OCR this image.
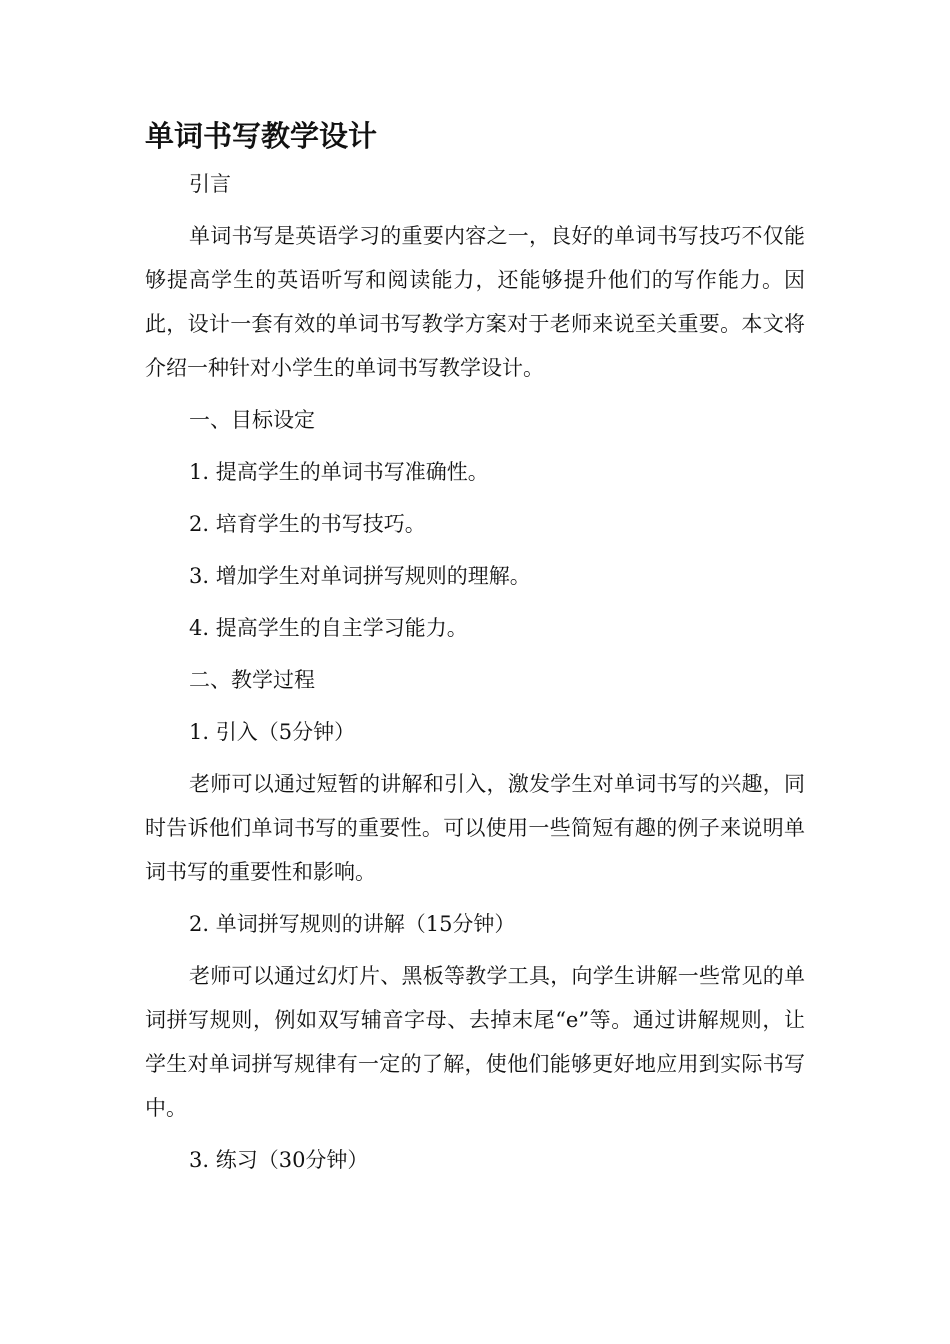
单词书写教学设计
引言
单词书写是英语学习的重要内容之一，良好的单词书写技巧不仅能够提高学生的英语听写和阅读能力，还能够提升他们的写作能力。因此，设计一套有效的单词书写教学方案对于老师来说至关重要。本文将介绍一种针对小学生的单词书写教学设计。
一、目标设定
1. 提高学生的单词书写准确性。
2. 培育学生的书写技巧。
3. 增加学生对单词拼写规则的理解。
4. 提高学生的自主学习能力。
二、教学过程
1. 引入（5分钟）
老师可以通过短暂的讲解和引入，激发学生对单词书写的兴趣，同时告诉他们单词书写的重要性。可以使用一些简短有趣的例子来说明单词书写的重要性和影响。
2. 单词拼写规则的讲解（15分钟）
老师可以通过幻灯片、黑板等教学工具，向学生讲解一些常见的单词拼写规则，例如双写辅音字母、去掉末尾“e”等。通过讲解规则，让学生对单词拼写规律有一定的了解，使他们能够更好地应用到实际书写中。
3. 练习（30分钟）
